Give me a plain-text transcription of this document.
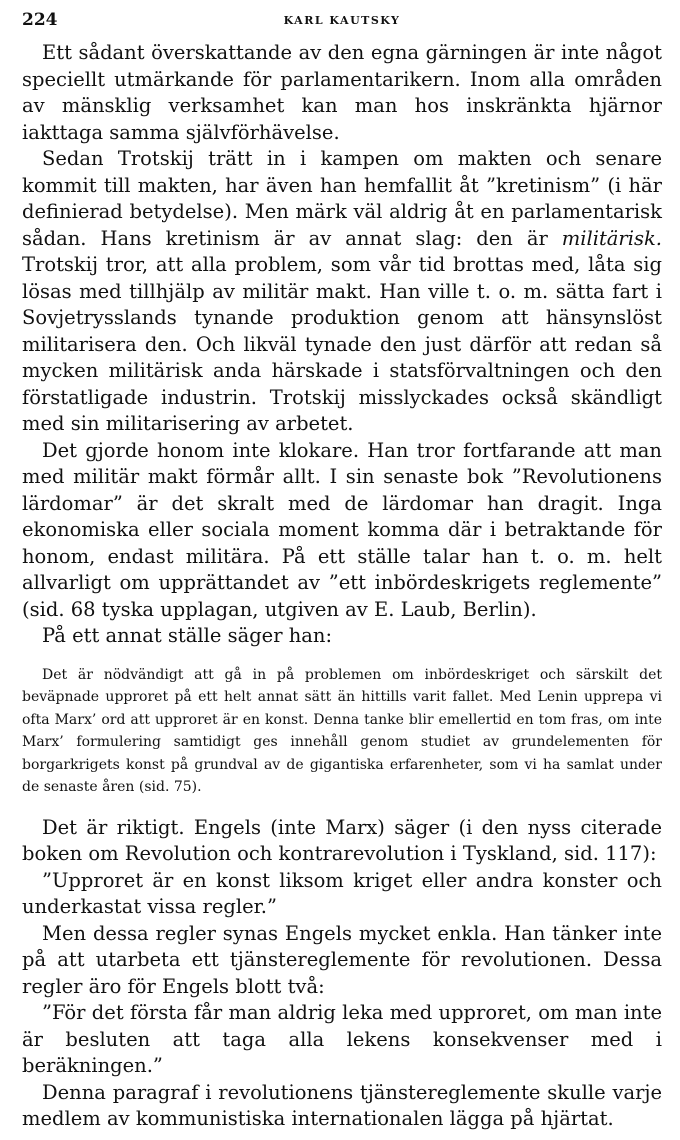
224	KARL KAUTSKY

Ett sådant överskattande av den egna gärningen är inte något speciellt utmärkande för parlamentarikern. Inom alla områden av mänsklig verksamhet kan man hos inskränkta hjärnor iakttaga samma självförhävelse.

Sedan Trotskij trätt in i kampen om makten och senare kommit till makten, har även han hemfallit åt ”kretinism” (i här definierad betydelse). Men märk väl aldrig åt en parlamentarisk sådan. Hans kretinism är av annat slag: den är militärisk. Trotskij tror, att alla problem, som vår tid brottas med, låta sig lösas med tillhjälp av militär makt. Han ville t. o. m. sätta fart i Sovjetrysslands tynande produktion genom att hänsynslöst militarisera den. Och likväl tynade den just därför att redan så mycken militärisk anda härskade i statsförvaltningen och den förstatligade industrin. Trotskij misslyckades också skändligt med sin militarisering av arbetet.

Det gjorde honom inte klokare. Han tror fortfarande att man med militär makt förmår allt. I sin senaste bok ”Revolutionens lärdomar” är det skralt med de lärdomar han dragit. Inga ekonomiska eller sociala moment komma där i betraktande för honom, endast militära. På ett ställe talar han t. o. m. helt allvarligt om upprättandet av ”ett inbördeskrigets reglemente” (sid. 68 tyska upplagan, utgiven av E. Laub, Berlin).

På ett annat ställe säger han:

Det är nödvändigt att gå in på problemen om inbördeskriget och särskilt det beväpnade upproret på ett helt annat sätt än hittills varit fallet. Med Lenin upprepa vi ofta Marx’ ord att upproret är en konst. Denna tanke blir emellertid en tom fras, om inte Marx’ formulering samtidigt ges innehåll genom studiet av grundelementen för borgarkrigets konst på grundval av de gigantiska erfarenheter, som vi ha samlat under de senaste åren (sid. 75).

Det är riktigt. Engels (inte Marx) säger (i den nyss citerade boken om Revolution och kontrarevolution i Tyskland, sid. 117):

”Upproret är en konst liksom kriget eller andra konster och underkastat vissa regler.”

Men dessa regler synas Engels mycket enkla. Han tänker inte på att utarbeta ett tjänstereglemente för revolutionen. Dessa regler äro för Engels blott två:

”För det första får man aldrig leka med upproret, om man inte är besluten att taga alla lekens konsekvenser med i beräkningen.”

Denna paragraf i revolutionens tjänstereglemente skulle varje medlem av kommunistiska internationalen lägga på hjärtat.
